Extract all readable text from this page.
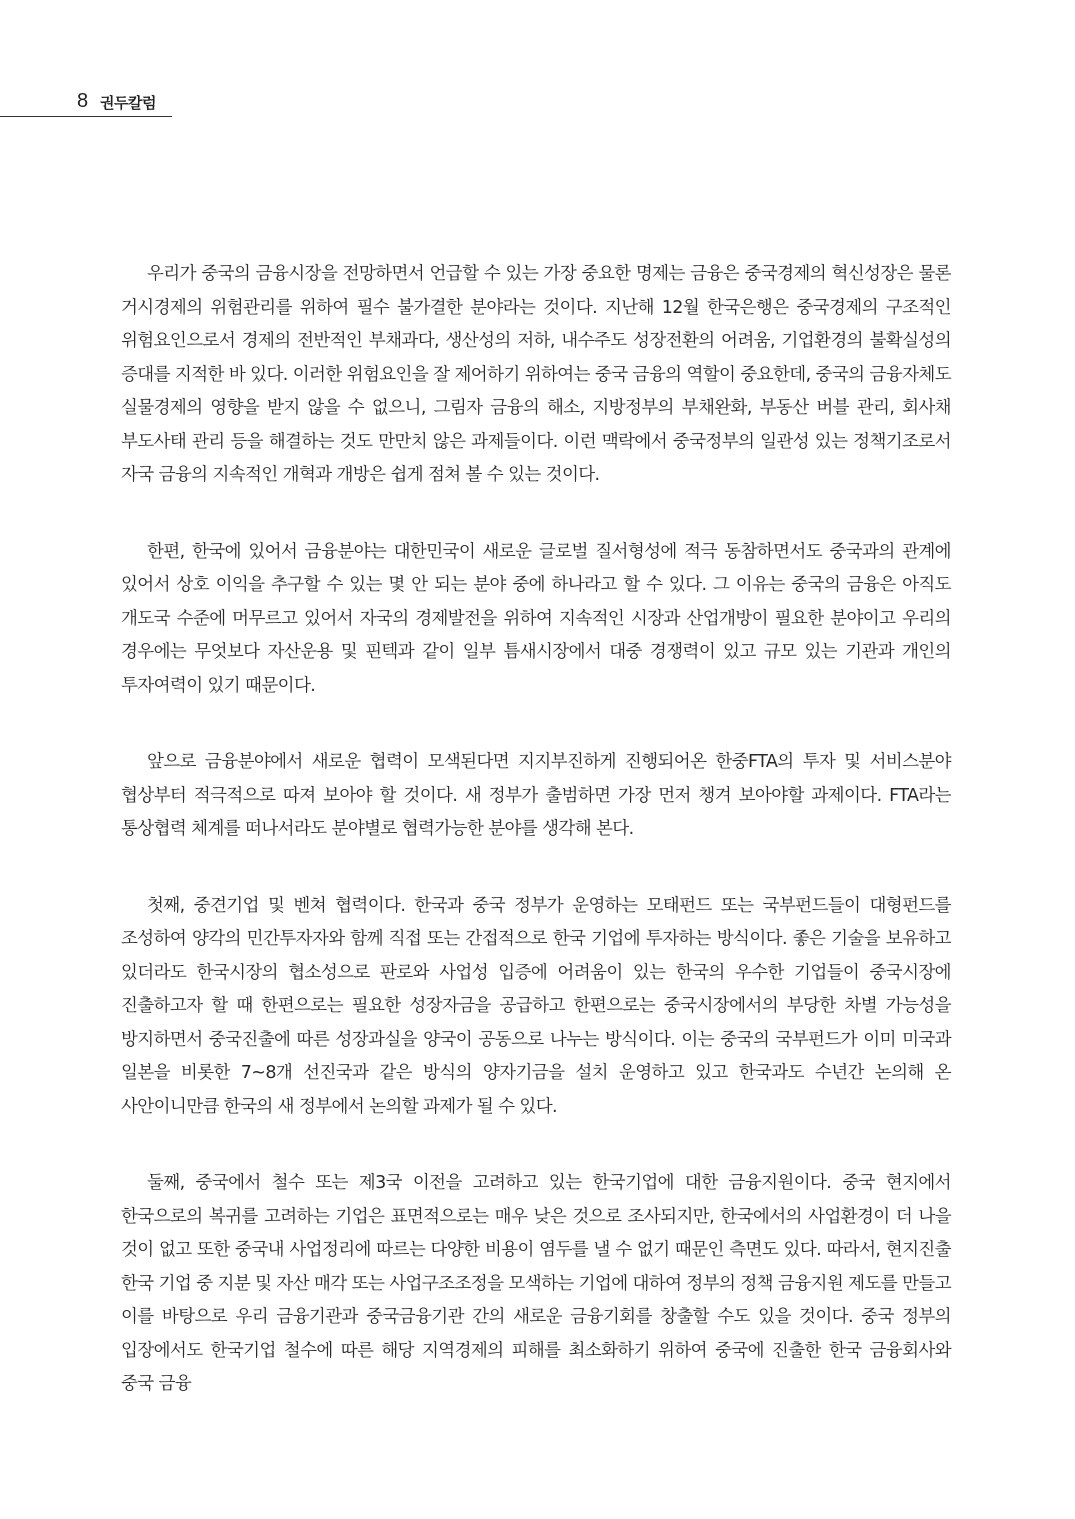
8 권두칼럼

우리가 중국의 금융시장을 전망하면서 언급할 수 있는 가장 중요한 명제는 금융은 중국경제의 혁신성장은 물론 거시경제의 위험관리를 위하여 필수 불가결한 분야라는 것이다. 지난해 12월 한국은행은 중국경제의 구조적인 위험요인으로서 경제의 전반적인 부채과다, 생산성의 저하, 내수주도 성장전환의 어려움, 기업환경의 불확실성의 증대를 지적한 바 있다. 이러한 위험요인을 잘 제어하기 위하여는 중국 금융의 역할이 중요한데, 중국의 금융자체도 실물경제의 영향을 받지 않을 수 없으니, 그림자 금융의 해소, 지방정부의 부채완화, 부동산 버블 관리, 회사채 부도사태 관리 등을 해결하는 것도 만만치 않은 과제들이다. 이런 맥락에서 중국정부의 일관성 있는 정책기조로서 자국 금융의 지속적인 개혁과 개방은 쉽게 점쳐 볼 수 있는 것이다.

한편, 한국에 있어서 금융분야는 대한민국이 새로운 글로벌 질서형성에 적극 동참하면서도 중국과의 관계에 있어서 상호 이익을 추구할 수 있는 몇 안 되는 분야 중에 하나라고 할 수 있다. 그 이유는 중국의 금융은 아직도 개도국 수준에 머무르고 있어서 자국의 경제발전을 위하여 지속적인 시장과 산업개방이 필요한 분야이고 우리의 경우에는 무엇보다 자산운용 및 핀텍과 같이 일부 틈새시장에서 대중 경쟁력이 있고 규모 있는 기관과 개인의 투자여력이 있기 때문이다.

앞으로 금융분야에서 새로운 협력이 모색된다면 지지부진하게 진행되어온 한중FTA의 투자 및 서비스분야 협상부터 적극적으로 따져 보아야 할 것이다. 새 정부가 출범하면 가장 먼저 챙겨 보아야할 과제이다. FTA라는 통상협력 체계를 떠나서라도 분야별로 협력가능한 분야를 생각해 본다.

첫째, 중견기업 및 벤쳐 협력이다. 한국과 중국 정부가 운영하는 모태펀드 또는 국부펀드들이 대형펀드를 조성하여 양각의 민간투자자와 함께 직접 또는 간접적으로 한국 기업에 투자하는 방식이다. 좋은 기술을 보유하고 있더라도 한국시장의 협소성으로 판로와 사업성 입증에 어려움이 있는 한국의 우수한 기업들이 중국시장에 진출하고자 할 때 한편으로는 필요한 성장자금을 공급하고 한편으로는 중국시장에서의 부당한 차별 가능성을 방지하면서 중국진출에 따른 성장과실을 양국이 공동으로 나누는 방식이다. 이는 중국의 국부펀드가 이미 미국과 일본을 비롯한 7~8개 선진국과 같은 방식의 양자기금을 설치 운영하고 있고 한국과도 수년간 논의해 온 사안이니만큼 한국의 새 정부에서 논의할 과제가 될 수 있다.

둘째, 중국에서 철수 또는 제3국 이전을 고려하고 있는 한국기업에 대한 금융지원이다. 중국 현지에서 한국으로의 복귀를 고려하는 기업은 표면적으로는 매우 낮은 것으로 조사되지만, 한국에서의 사업환경이 더 나을 것이 없고 또한 중국내 사업정리에 따르는 다양한 비용이 염두를 낼 수 없기 때문인 측면도 있다. 따라서, 현지진출 한국 기업 중 지분 및 자산 매각 또는 사업구조조정을 모색하는 기업에 대하여 정부의 정책 금융지원 제도를 만들고 이를 바탕으로 우리 금융기관과 중국금융기관 간의 새로운 금융기회를 창출할 수도 있을 것이다. 중국 정부의 입장에서도 한국기업 철수에 따른 해당 지역경제의 피해를 최소화하기 위하여 중국에 진출한 한국 금융회사와 중국 금융
